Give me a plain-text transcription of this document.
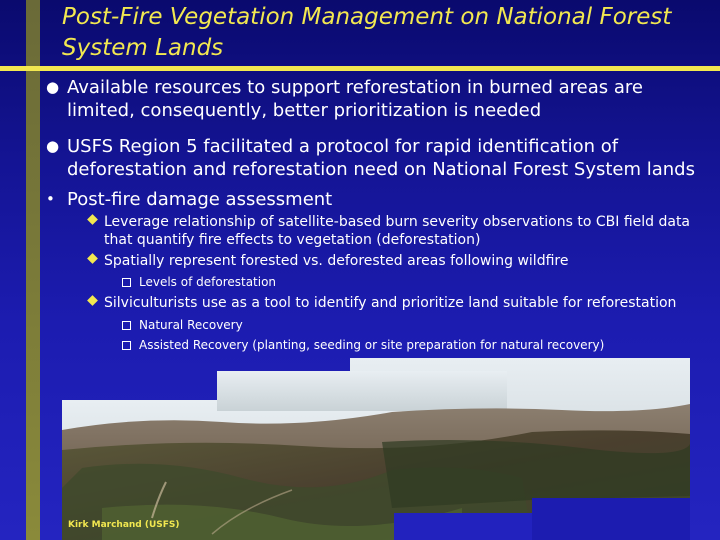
Post-Fire Vegetation Management on National Forest
System Lands
● Available resources to support reforestation in burned areas are limited, consequently, better prioritization is needed
● USFS Region 5 facilitated a protocol for rapid identification of deforestation and reforestation need on National Forest System lands
• Post-fire damage assessment
Leverage relationship of satellite-based burn severity observations to CBI field data that quantify fire effects to vegetation (deforestation)
Spatially represent forested vs. deforested areas following wildfire
Levels of deforestation
Silviculturists use as a tool to identify and prioritize land suitable for reforestation
Natural Recovery
Assisted Recovery (planting, seeding or site preparation for natural recovery)
Kirk Marchand (USFS)
